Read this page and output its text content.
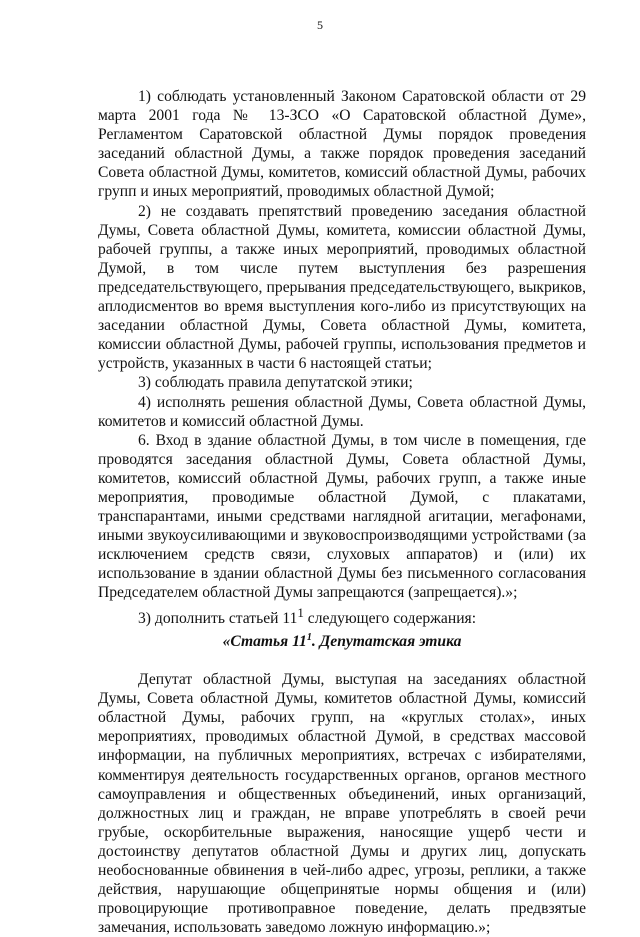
5

1) соблюдать установленный Законом Саратовской области от 29 марта 2001 года № 13-ЗСО «О Саратовской областной Думе», Регламентом Саратовской областной Думы порядок проведения заседаний областной Думы, а также порядок проведения заседаний Совета областной Думы, комитетов, комиссий областной Думы, рабочих групп и иных мероприятий, проводимых областной Думой;

2) не создавать препятствий проведению заседания областной Думы, Совета областной Думы, комитета, комиссии областной Думы, рабочей группы, а также иных мероприятий, проводимых областной Думой, в том числе путем выступления без разрешения председательствующего, прерывания председательствующего, выкриков, аплодисментов во время выступления кого-либо из присутствующих на заседании областной Думы, Совета областной Думы, комитета, комиссии областной Думы, рабочей группы, использования предметов и устройств, указанных в части 6 настоящей статьи;

3) соблюдать правила депутатской этики;

4) исполнять решения областной Думы, Совета областной Думы, комитетов и комиссий областной Думы.

6. Вход в здание областной Думы, в том числе в помещения, где проводятся заседания областной Думы, Совета областной Думы, комитетов, комиссий областной Думы, рабочих групп, а также иные мероприятия, проводимые областной Думой, с плакатами, транспарантами, иными средствами наглядной агитации, мегафонами, иными звукоусиливающими и звуковоспроизводящими устройствами (за исключением средств связи, слуховых аппаратов) и (или) их использование в здании областной Думы без письменного согласования Председателем областной Думы запрещаются (запрещается).»;

3) дополнить статьей $11^1$ следующего содержания:

«Статья $11^1$. Депутатская этика

Депутат областной Думы, выступая на заседаниях областной Думы, Совета областной Думы, комитетов областной Думы, комиссий областной Думы, рабочих групп, на «круглых столах», иных мероприятиях, проводимых областной Думой, в средствах массовой информации, на публичных мероприятиях, встречах с избирателями, комментируя деятельность государственных органов, органов местного самоуправления и общественных объединений, иных организаций, должностных лиц и граждан, не вправе употреблять в своей речи грубые, оскорбительные выражения, наносящие ущерб чести и достоинству депутатов областной Думы и других лиц, допускать необоснованные обвинения в чей-либо адрес, угрозы, реплики, а также действия, нарушающие общепринятые нормы общения и (или) провоцирующие противоправное поведение, делать предвзятые замечания, использовать заведомо ложную информацию.»;
